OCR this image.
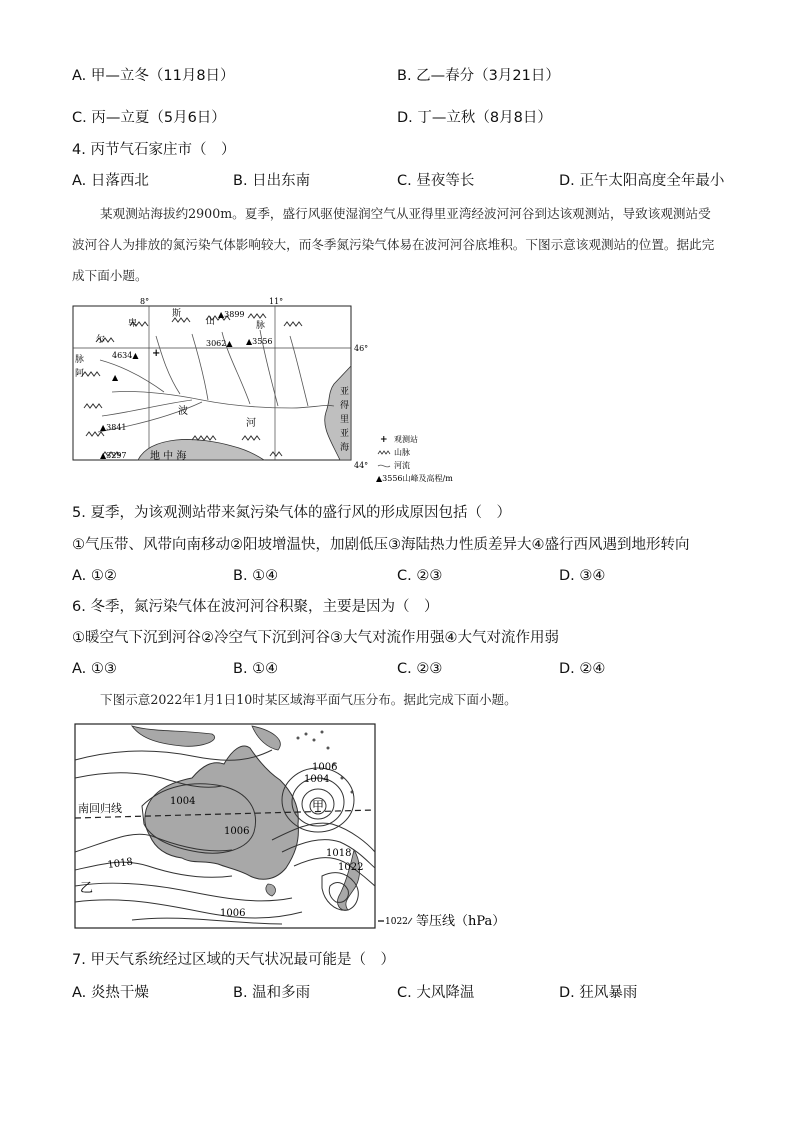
A. 甲—立冬（11月8日）	B. 乙—春分（3月21日）
C. 丙—立夏（5月6日）	D. 丁—立秋（8月8日）
4. 丙节气石家庄市（　）
A. 日落西北	B. 日出东南	C. 昼夜等长	D. 正午太阳高度全年最小
某观测站海拔约2900m。夏季，盛行风驱使湿润空气从亚得里亚湾经波河河谷到达该观测站，导致该观测站受波河谷人为排放的氮污染气体影响较大，而冬季氮污染气体易在波河河谷底堆积。下图示意该观测站的位置。据此完成下面小题。
8°	11°
46°
44°
地 中 海
亚
得
里
亚
海
脉
阿
尔
卑
斯
山	脉
波
河
▲3899
4634▲
3062▲ ▲3556
▲3841
▲3297
▲
+
+ 观测站
山脉
河流
▲3556山峰及高程/m
5. 夏季，为该观测站带来氮污染气体的盛行风的形成原因包括（　）
①气压带、风带向南移动②阳坡增温快，加剧低压③海陆热力性质差异大④盛行西风遇到地形转向
A. ①②	B. ①④	C. ②③	D. ③④
6. 冬季，氮污染气体在波河河谷积聚，主要是因为（　）
①暖空气下沉到河谷②冷空气下沉到河谷③大气对流作用强④大气对流作用弱
A. ①③	B. ①④	C. ②③	D. ②④
下图示意2022年1月1日10时某区域海平面气压分布。据此完成下面小题。
南回归线	甲
乙
1006
1004
1004
1006
1018
1018
1022
1006
1022 等压线（hPa）
7. 甲天气系统经过区域的天气状况最可能是（　）
A. 炎热干燥	B. 温和多雨	C. 大风降温	D. 狂风暴雨
